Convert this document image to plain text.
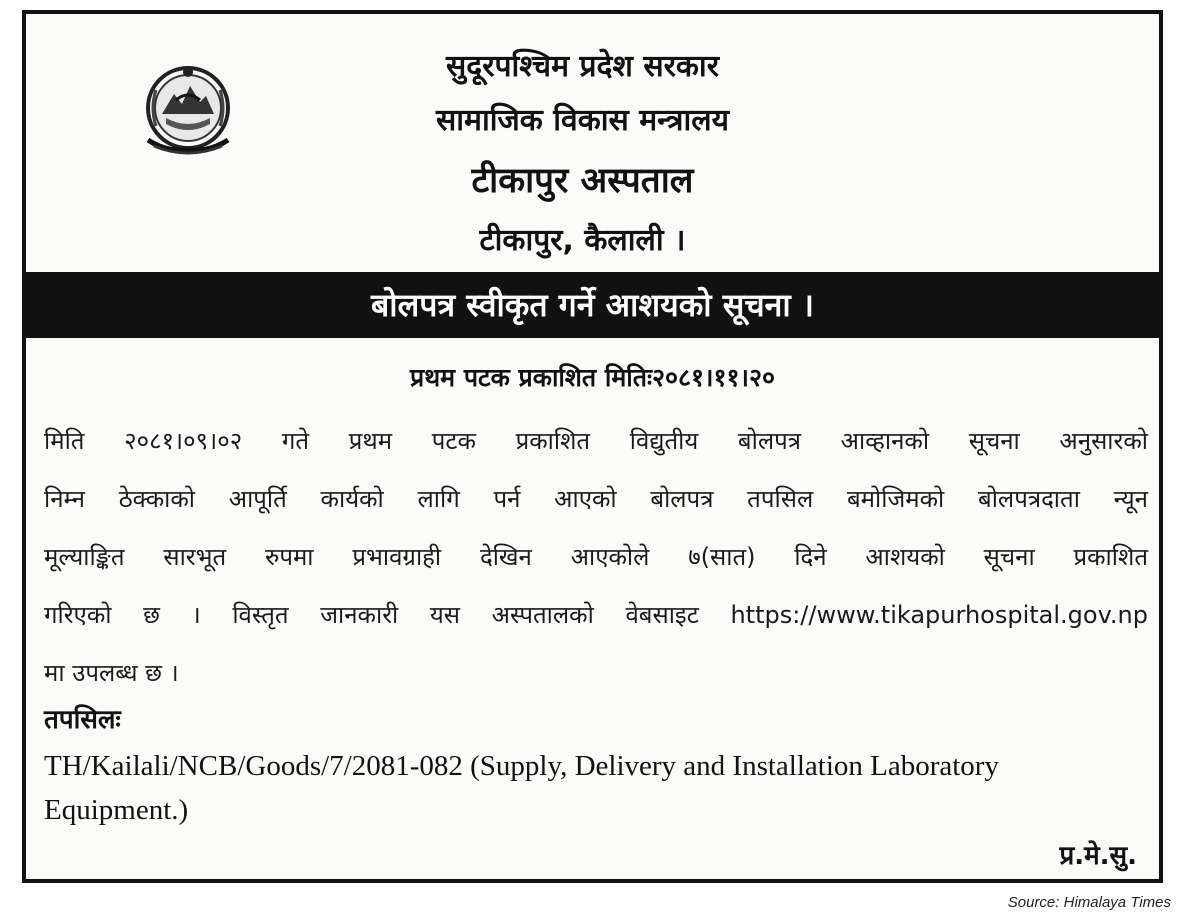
सुदूरपश्चिम प्रदेश सरकार
सामाजिक विकास मन्त्रालय
टीकापुर अस्पताल
टीकापुर, कैलाली ।
बोलपत्र स्वीकृत गर्ने आशयको सूचना ।
प्रथम पटक प्रकाशित मितिः२०८१।११।२०
मिति २०८१।०९।०२ गते प्रथम पटक प्रकाशित विद्युतीय बोलपत्र आव्हानको सूचना अनुसारको
निम्न ठेक्काको आपूर्ति कार्यको लागि पर्न आएको बोलपत्र तपसिल बमोजिमको बोलपत्रदाता न्यून
मूल्याङ्कित सारभूत रुपमा प्रभावग्राही देखिन आएकोले ७(सात) दिने आशयको सूचना प्रकाशित
गरिएको छ । विस्तृत जानकारी यस अस्पतालको वेबसाइट https://www.tikapurhospital.gov.np
मा उपलब्ध छ ।
तपसिलः
TH/Kailali/NCB/Goods/7/2081-082 (Supply, Delivery and Installation Laboratory Equipment.)
प्र.मे.सु.
Source: Himalaya Times
